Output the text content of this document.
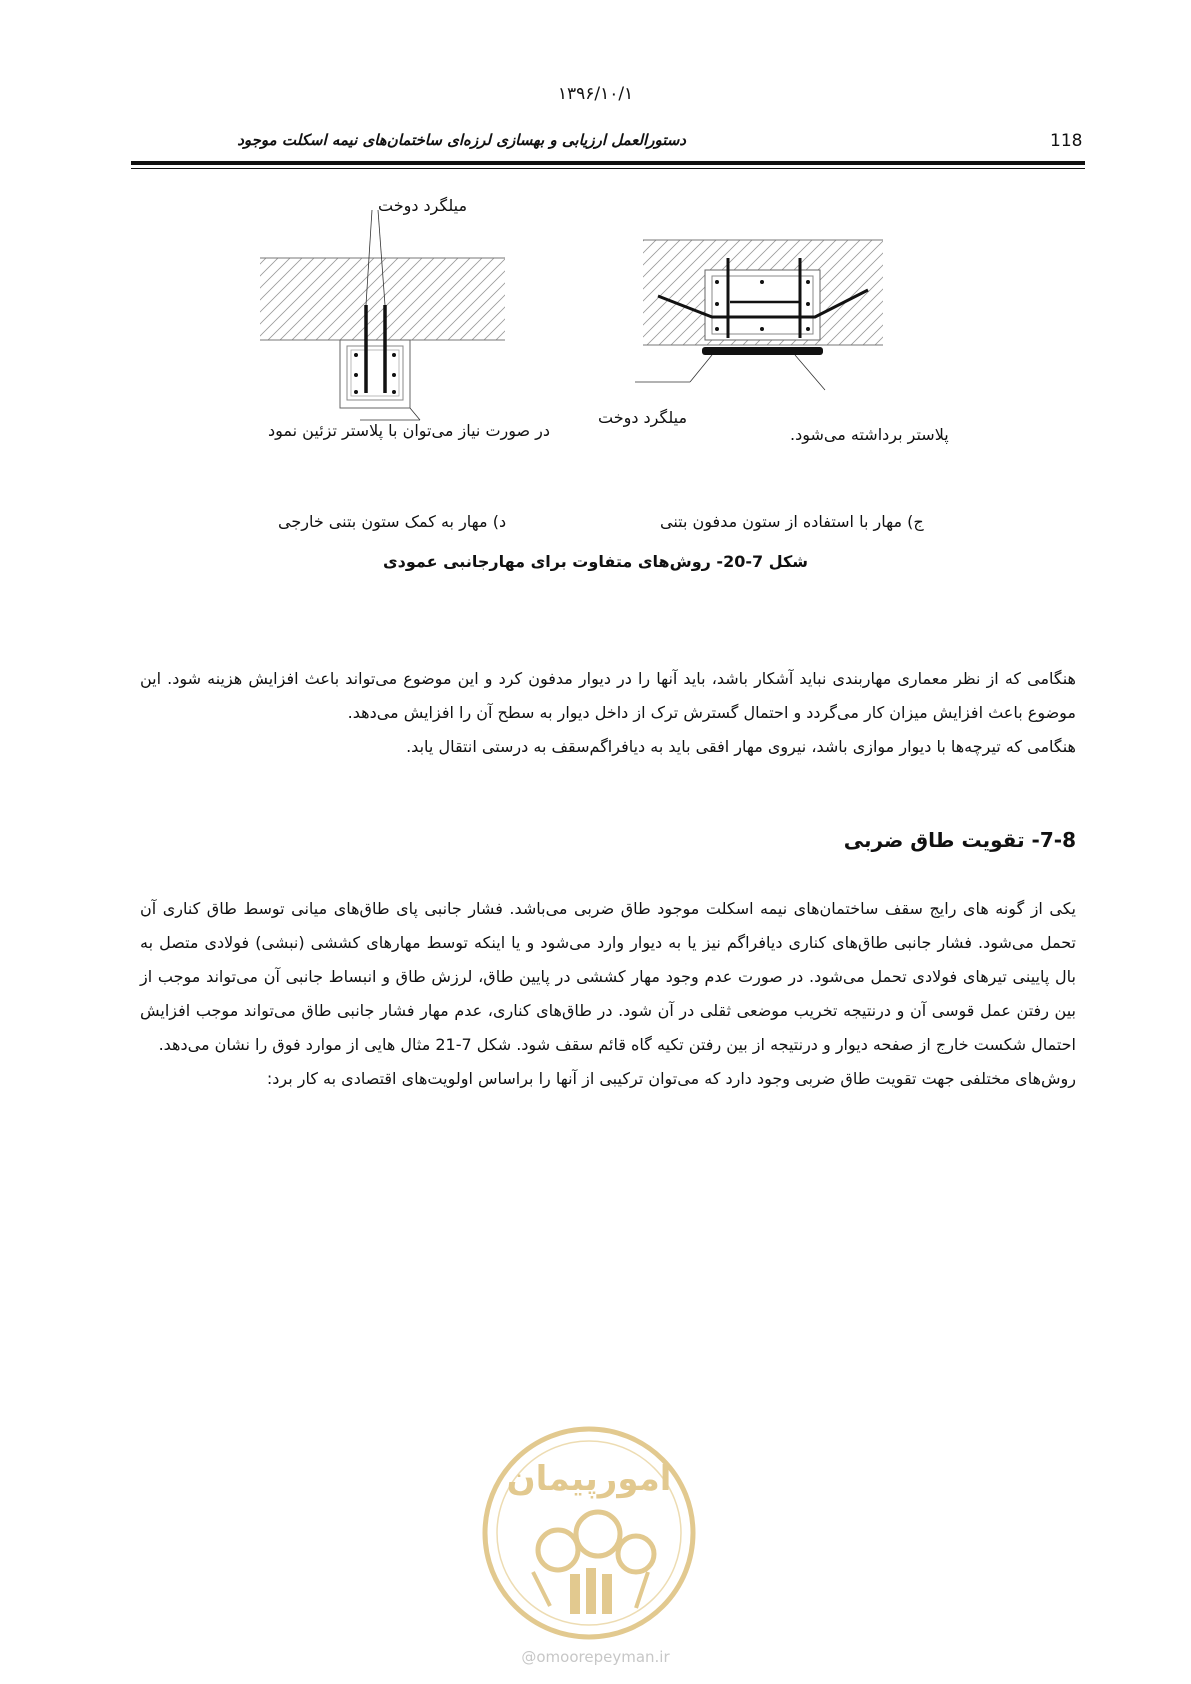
۱۳۹۶/۱۰/۱
دستورالعمل ارزیابی و بهسازی لرزه‌ای ساختمان‌های نیمه اسکلت موجود	118
میلگرد دوخت
در صورت نیاز می‌توان با پلاستر تزئین نمود
میلگرد دوخت
پلاستر برداشته می‌شود.
د) مهار به کمک ستون بتنی خارجی	ج) مهار با استفاده از ستون مدفون بتنی
شکل 7-20- روش‌های متفاوت برای مهارجانبی عمودی

هنگامی که از نظر معماری مهاربندی نباید آشکار باشد، باید آنها را در دیوار مدفون کرد و این موضوع می‌تواند باعث افزایش هزینه شود. این موضوع باعث افزایش میزان کار می‌گردد و احتمال گسترش ترک از داخل دیوار به سطح آن را افزایش می‌دهد.

هنگامی که تیرچه‌ها با دیوار موازی باشد، نیروی مهار افقی باید به دیافراگم‌سقف به درستی انتقال یابد.

7-8- تقویت طاق ضربی

یکی از گونه های رایج سقف ساختمان‌های نیمه اسکلت موجود طاق ضربی می‌باشد. فشار جانبی پای طاق‌های میانی توسط طاق کناری آن تحمل می‌شود. فشار جانبی طاق‌های کناری دیافراگم نیز یا به دیوار وارد می‌شود و یا اینکه توسط مهارهای کششی (نبشی) فولادی متصل به بال پایینی تیرهای فولادی تحمل می‌شود. در صورت عدم وجود مهار کششی در پایین طاق، لرزش طاق و انبساط جانبی آن می‌تواند موجب از بین رفتن عمل قوسی آن و درنتیجه تخریب موضعی ثقلی در آن شود. در طاق‌های کناری، عدم مهار فشار جانبی طاق می‌تواند موجب افزایش احتمال شکست خارج از صفحه دیوار و درنتیجه از بین رفتن تکیه گاه قائم سقف شود. شکل 7-21 مثال هایی از موارد فوق را نشان می‌دهد.

روش‌های مختلفی جهت تقویت طاق ضربی وجود دارد که می‌توان ترکیبی از آنها را براساس اولویت‌های اقتصادی به کار برد:

امورپیمان
@omoorepeyman.ir
